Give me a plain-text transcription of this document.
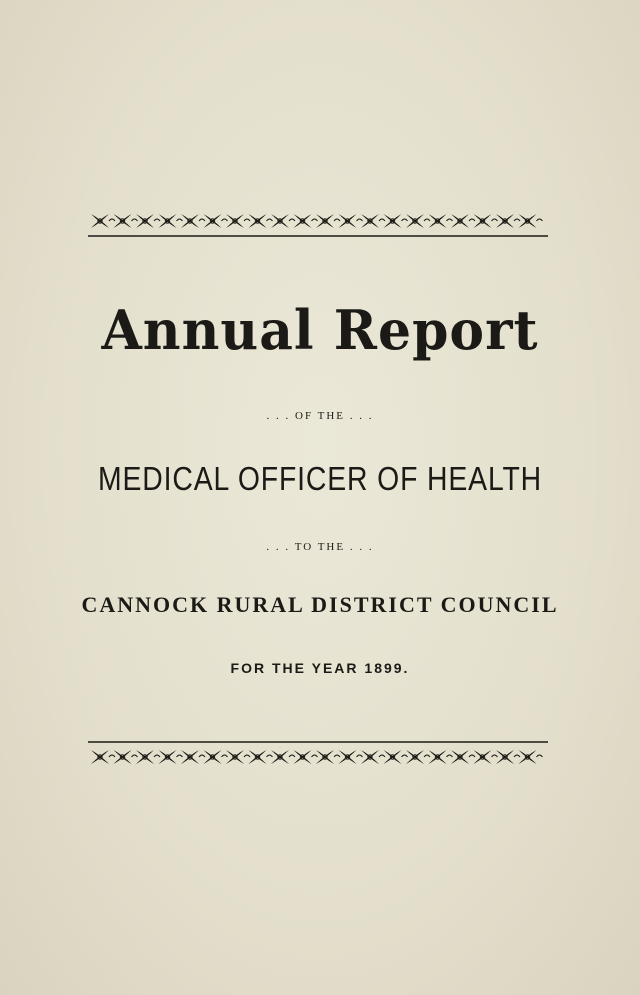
Annual Report
. . . OF THE . . .
MEDICAL OFFICER OF HEALTH
. . . TO THE . . .
CANNOCK RURAL DISTRICT COUNCIL
FOR THE YEAR 1899.
